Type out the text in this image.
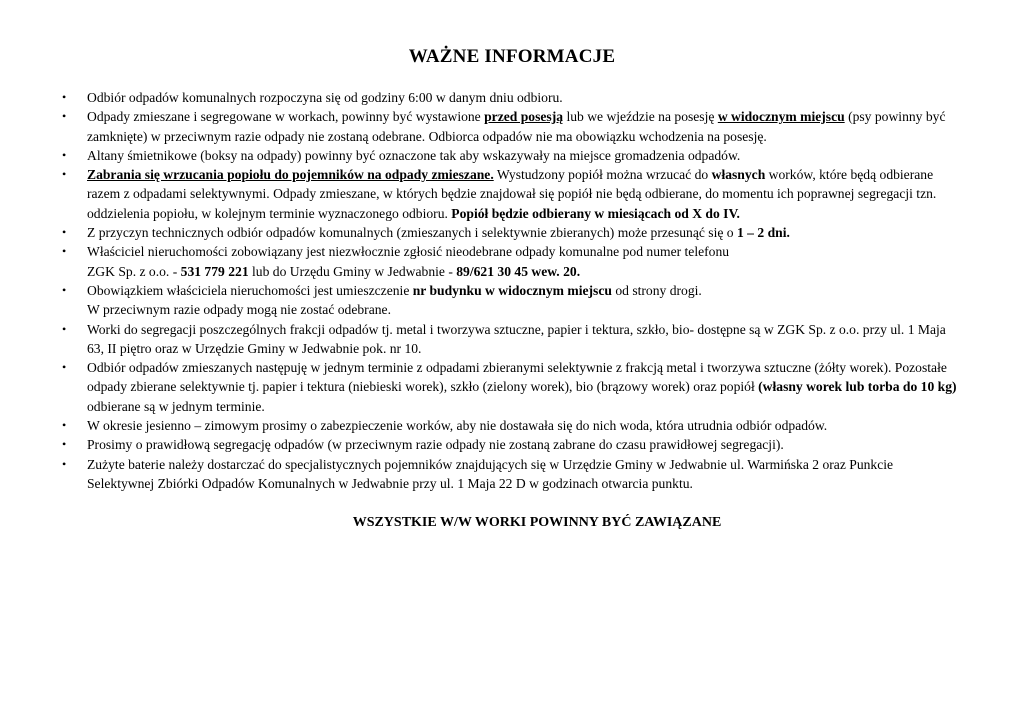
WAŻNE INFORMACJE
• Odbiór odpadów komunalnych rozpoczyna się od godziny 6:00 w danym dniu odbioru.
• Odpady zmieszane i segregowane w workach, powinny być wystawione przed posesją lub we wjeździe na posesję w widocznym miejscu (psy powinny być zamknięte) w przeciwnym razie odpady nie zostaną odebrane. Odbiorca odpadów nie ma obowiązku wchodzenia na posesję.
• Altany śmietnikowe (boksy na odpady) powinny być oznaczone tak aby wskazywały na miejsce gromadzenia odpadów.
• Zabrania się wrzucania popiołu do pojemników na odpady zmieszane. Wystudzony popiół można wrzucać do własnych worków, które będą odbierane razem z odpadami selektywnymi. Odpady zmieszane, w których będzie znajdował się popiół nie będą odbierane, do momentu ich poprawnej segregacji tzn. oddzielenia popiołu, w kolejnym terminie wyznaczonego odbioru. Popiół będzie odbierany w miesiącach od X do IV.
• Z przyczyn technicznych odbiór odpadów komunalnych (zmieszanych i selektywnie zbieranych) może przesunąć się o 1 – 2 dni.
• Właściciel nieruchomości zobowiązany jest niezwłocznie zgłosić nieodebrane odpady komunalne pod numer telefonu
ZGK Sp. z o.o. - 531 779 221 lub do Urzędu Gminy w Jedwabnie - 89/621 30 45 wew. 20.
• Obowiązkiem właściciela nieruchomości jest umieszczenie nr budynku w widocznym miejscu od strony drogi.
W przeciwnym razie odpady mogą nie zostać odebrane.
• Worki do segregacji poszczególnych frakcji odpadów tj. metal i tworzywa sztuczne, papier i tektura, szkło, bio- dostępne są w ZGK Sp. z o.o. przy ul. 1 Maja 63, II piętro oraz w Urzędzie Gminy w Jedwabnie pok. nr 10.
• Odbiór odpadów zmieszanych następuję w jednym terminie z odpadami zbieranymi selektywnie z frakcją metal i tworzywa sztuczne (żółty worek). Pozostałe odpady zbierane selektywnie tj. papier i tektura (niebieski worek), szkło (zielony worek), bio (brązowy worek) oraz popiół (własny worek lub torba do 10 kg) odbierane są w jednym terminie.
• W okresie jesienno – zimowym prosimy o zabezpieczenie worków, aby nie dostawała się do nich woda, która utrudnia odbiór odpadów.
• Prosimy o prawidłową segregację odpadów (w przeciwnym razie odpady nie zostaną zabrane do czasu prawidłowej segregacji).
• Zużyte baterie należy dostarczać do specjalistycznych pojemników znajdujących się w Urzędzie Gminy w Jedwabnie ul. Warmińska 2 oraz Punkcie Selektywnej Zbiórki Odpadów Komunalnych w Jedwabnie przy ul. 1 Maja 22 D w godzinach otwarcia punktu.
WSZYSTKIE W/W WORKI POWINNY BYĆ ZAWIĄZANE
